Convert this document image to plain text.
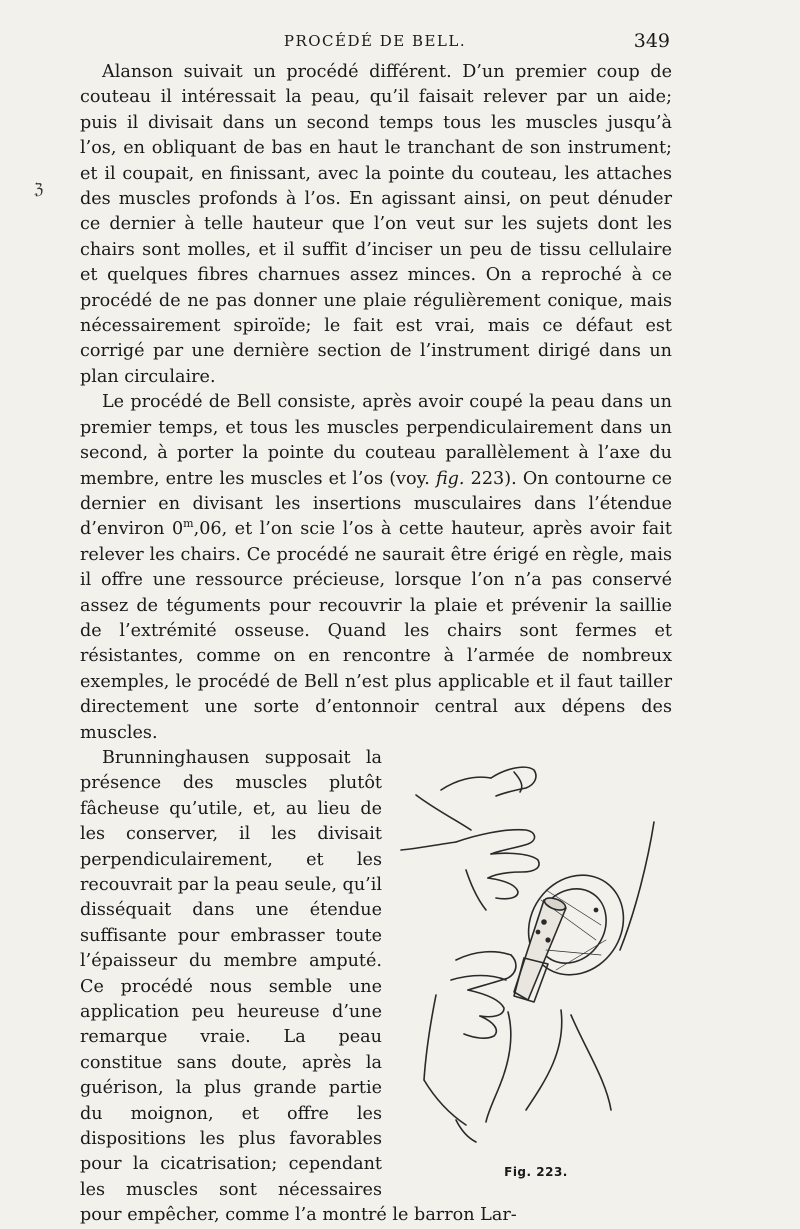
PROCÉDÉ DE BELL.	349
ℨ

Alanson suivait un procédé différent. D’un premier coup de couteau il intéressait la peau, qu’il faisait relever par un aide; puis il divisait dans un second temps tous les muscles jusqu’à l’os, en obliquant de bas en haut le tranchant de son instrument; et il coupait, en finissant, avec la pointe du couteau, les attaches des muscles profonds à l’os. En agissant ainsi, on peut dénuder ce dernier à telle hauteur que l’on veut sur les sujets dont les chairs sont molles, et il suffit d’inciser un peu de tissu cellulaire et quelques fibres charnues assez minces. On a reproché à ce procédé de ne pas donner une plaie régulièrement conique, mais nécessairement spiroïde; le fait est vrai, mais ce défaut est corrigé par une dernière section de l’instrument dirigé dans un plan circulaire.

Le procédé de Bell consiste, après avoir coupé la peau dans un premier temps, et tous les muscles perpendiculairement dans un second, à porter la pointe du couteau parallèlement à l’axe du membre, entre les muscles et l’os (voy. fig. 223). On contourne ce dernier en divisant les insertions musculaires dans l’étendue d’environ 0$^m$,06, et l’on scie l’os à cette hauteur, après avoir fait relever les chairs. Ce procédé ne saurait être érigé en règle, mais il offre une ressource précieuse, lorsque l’on n’a pas conservé assez de téguments pour recouvrir la plaie et prévenir la saillie de l’extrémité osseuse. Quand les chairs sont fermes et résistantes, comme on en rencontre à l’armée de nombreux exemples, le procédé de Bell n’est plus applicable et il faut tailler directement une sorte d’entonnoir central aux dépens des muscles.

Fig. 223.

Brunninghausen supposait la présence des muscles plutôt fâcheuse qu’utile, et, au lieu de les conserver, il les divisait perpendiculairement, et les recouvrait par la peau seule, qu’il disséquait dans une étendue suffisante pour embrasser toute l’épaisseur du membre amputé. Ce procédé nous semble une application peu heureuse d’une remarque vraie. La peau constitue sans doute, après la guérison, la plus grande partie du moignon, et offre les dispositions les plus favorables pour la cicatrisation; cependant les muscles sont nécessaires pour empêcher, comme l’a montré le barron Lar-
